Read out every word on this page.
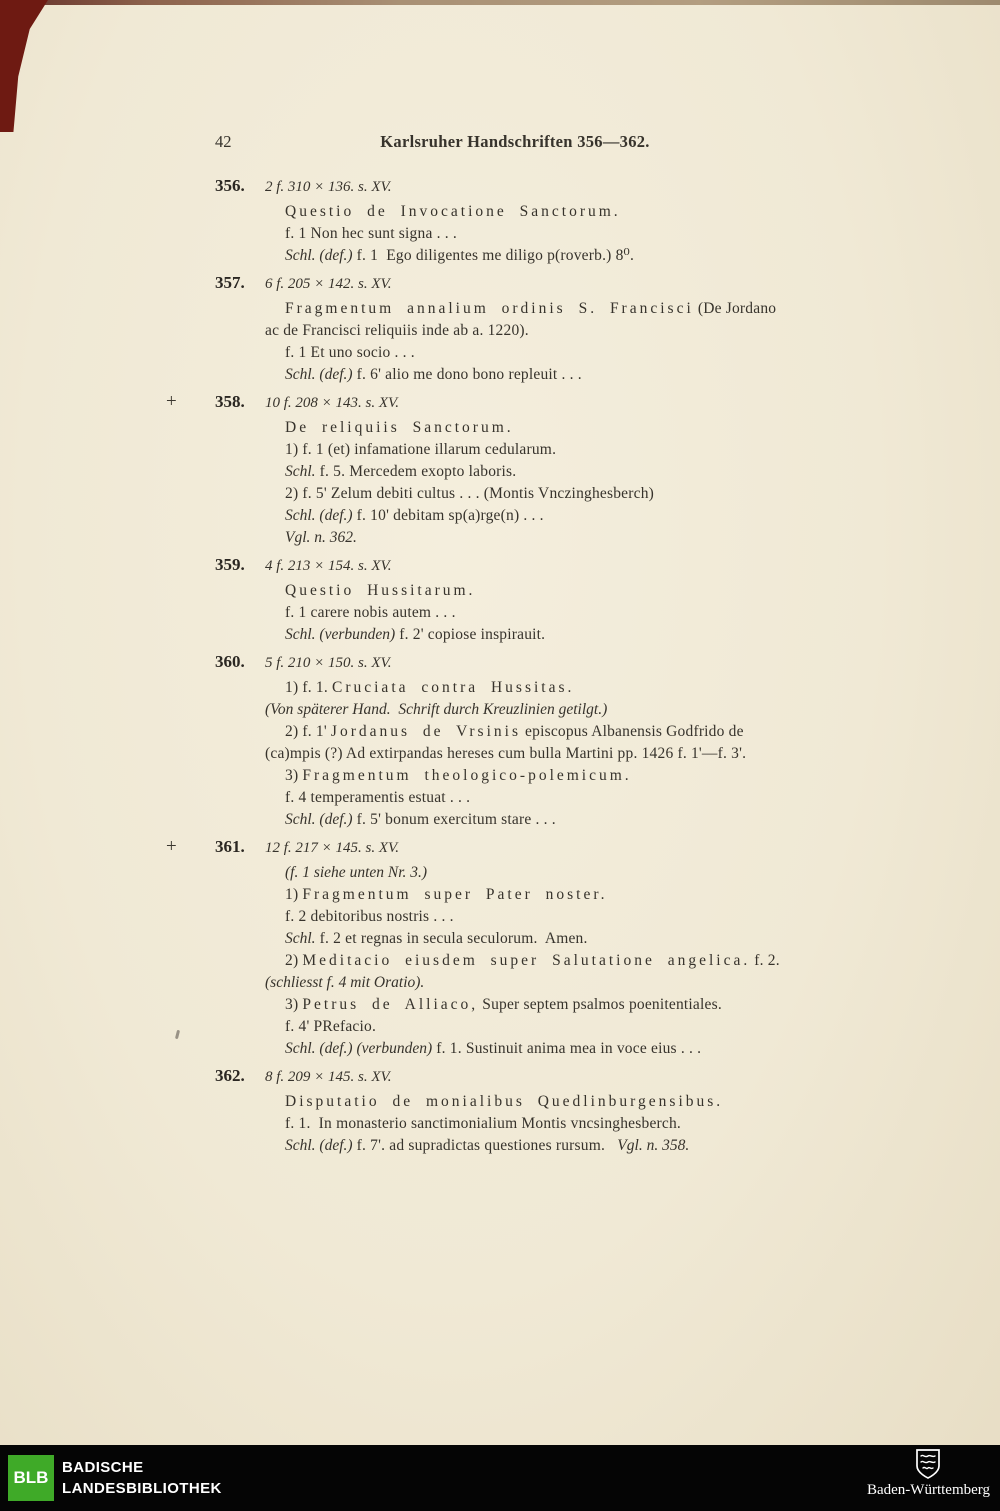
42	Karlsruher Handschriften 356—362.
356. 2 f. 310 × 136. s. XV.
Questio de Invocatione Sanctorum.
f. 1 Non hec sunt signa . . .
Schl. (def.) f. 1  Ego diligentes me diligo p(roverb.) 8⁰.
357. 6 f. 205 × 142. s. XV.
Fragmentum annalium ordinis S. Francisci (De Jordano
ac de Francisci reliquiis inde ab a. 1220).
f. 1 Et uno socio . . .
Schl. (def.) f. 6' alio me dono bono repleuit . . .
+ 358. 10 f. 208 × 143. s. XV.
De reliquiis Sanctorum.
1) f. 1 (et) infamatione illarum cedularum.
Schl. f. 5. Mercedem exopto laboris.
2) f. 5' Zelum debiti cultus . . . (Montis Vnczinghesberch)
Schl. (def.) f. 10' debitam sp(a)rge(n) . . .
Vgl. n. 362.
359. 4 f. 213 × 154. s. XV.
Questio Hussitarum.
f. 1 carere nobis autem . . .
Schl. (verbunden) f. 2' copiose inspirauit.
360. 5 f. 210 × 150. s. XV.
1) f. 1. Cruciata contra Hussitas.
(Von späterer Hand.  Schrift durch Kreuzlinien getilgt.)
2) f. 1' Jordanus de Vrsinis episcopus Albanensis Godfrido de
(ca)mpis (?) Ad extirpandas hereses cum bulla Martini pp. 1426 f. 1'—f. 3'.
3) Fragmentum theologico-polemicum.
f. 4 temperamentis estuat . . .
Schl. (def.) f. 5' bonum exercitum stare . . .
+ 361. 12 f. 217 × 145. s. XV.
(f. 1 siehe unten Nr. 3.)
1) Fragmentum super Pater noster.
f. 2 debitoribus nostris . . .
Schl. f. 2 et regnas in secula seculorum.  Amen.
2) Meditacio eiusdem super Salutatione angelica. f. 2.
(schliesst f. 4 mit Oratio).
3) Petrus de Alliaco, Super septem psalmos poenitentiales.
f. 4' PRefacio.
Schl. (def.) (verbunden) f. 1. Sustinuit anima mea in voce eius . . .
362. 8 f. 209 × 145. s. XV.
Disputatio de monialibus Quedlinburgensibus.
f. 1.  In monasterio sanctimonialium Montis vncsinghesberch.
Schl. (def.) f. 7'. ad supradictas questiones rursum.   Vgl. n. 358.
BLB
BADISCHE
LANDESBIBLIOTHEK	Baden-Württemberg
